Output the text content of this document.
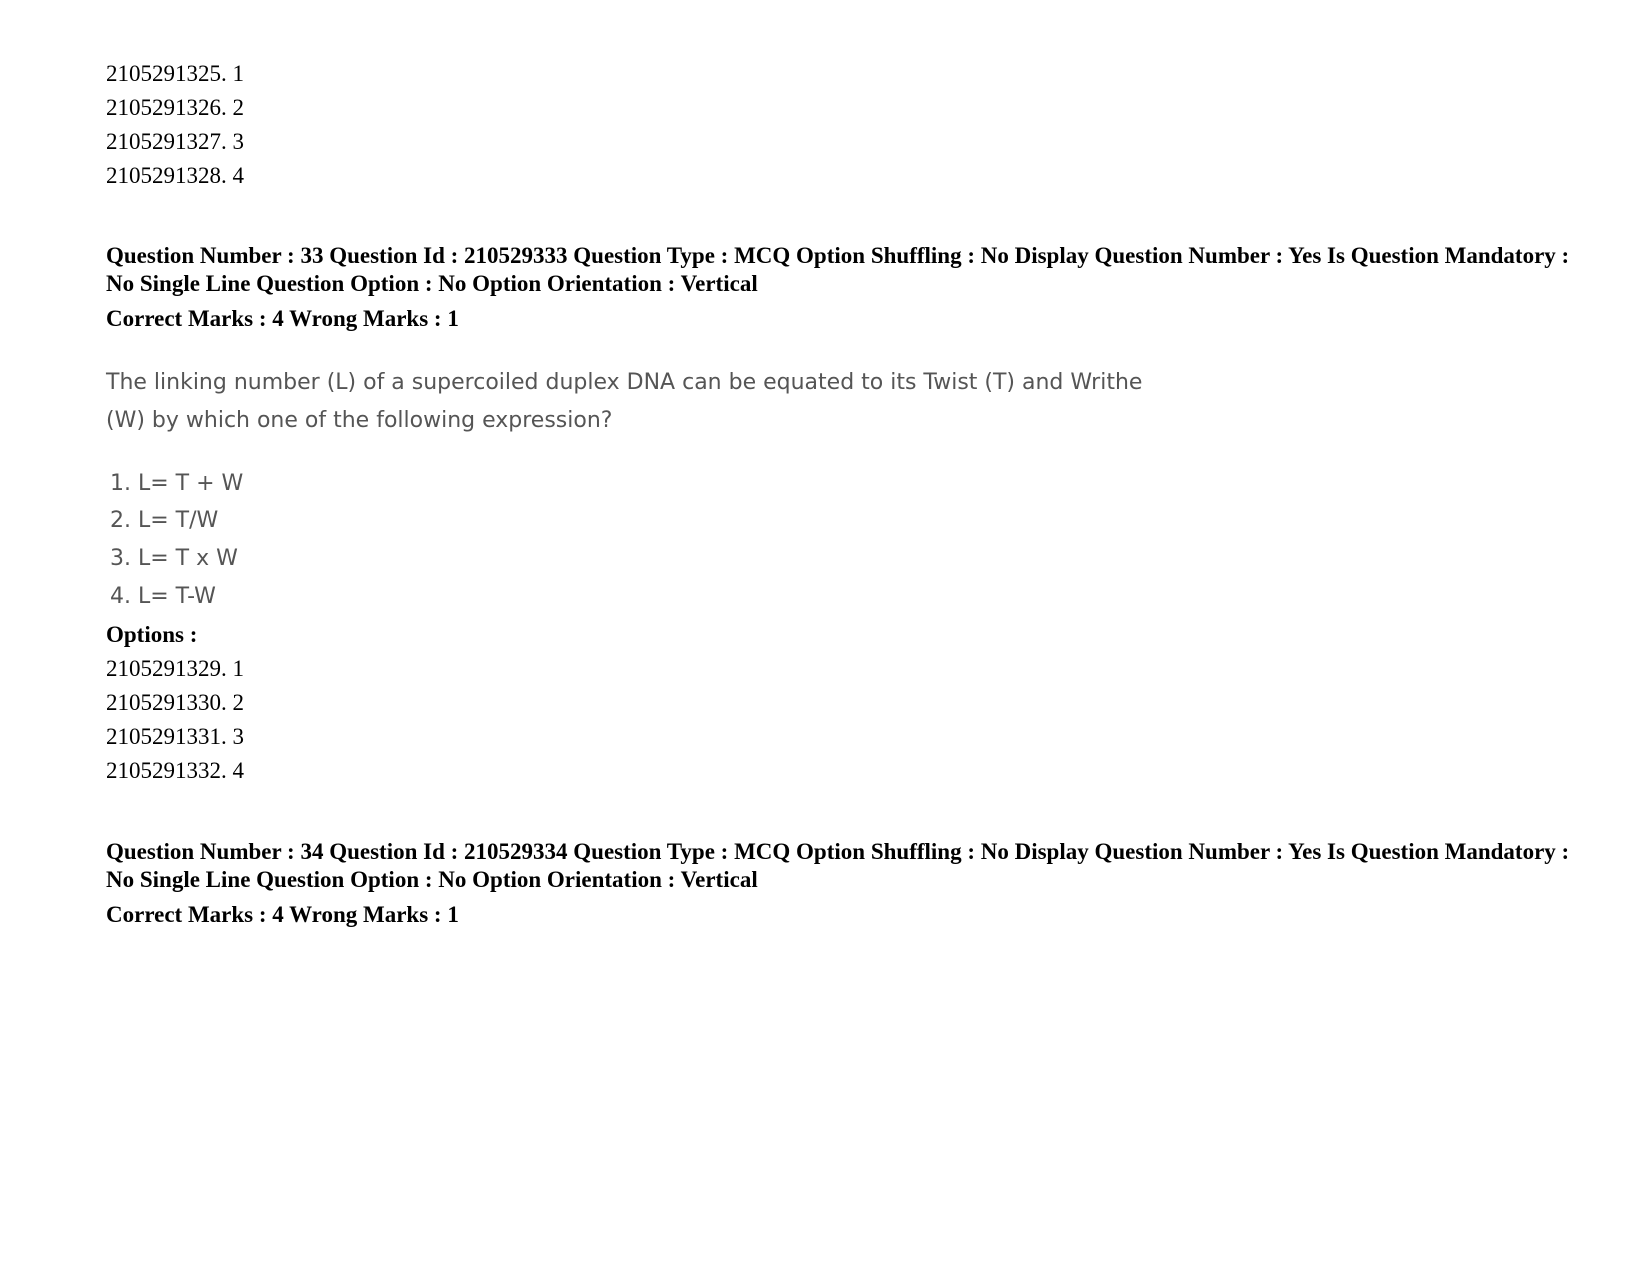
2105291325. 1
2105291326. 2
2105291327. 3
2105291328. 4
Question Number : 33 Question Id : 210529333 Question Type : MCQ Option Shuffling : No Display Question Number : Yes Is Question Mandatory : No Single Line Question Option : No Option Orientation : Vertical
Correct Marks : 4 Wrong Marks : 1
The linking number (L) of a supercoiled duplex DNA can be equated to its Twist (T) and Writhe
(W) by which one of the following expression?
1. L= T + W
2. L= T/W
3. L= T x W
4. L= T-W
Options :
2105291329. 1
2105291330. 2
2105291331. 3
2105291332. 4
Question Number : 34 Question Id : 210529334 Question Type : MCQ Option Shuffling : No Display Question Number : Yes Is Question Mandatory : No Single Line Question Option : No Option Orientation : Vertical
Correct Marks : 4 Wrong Marks : 1
